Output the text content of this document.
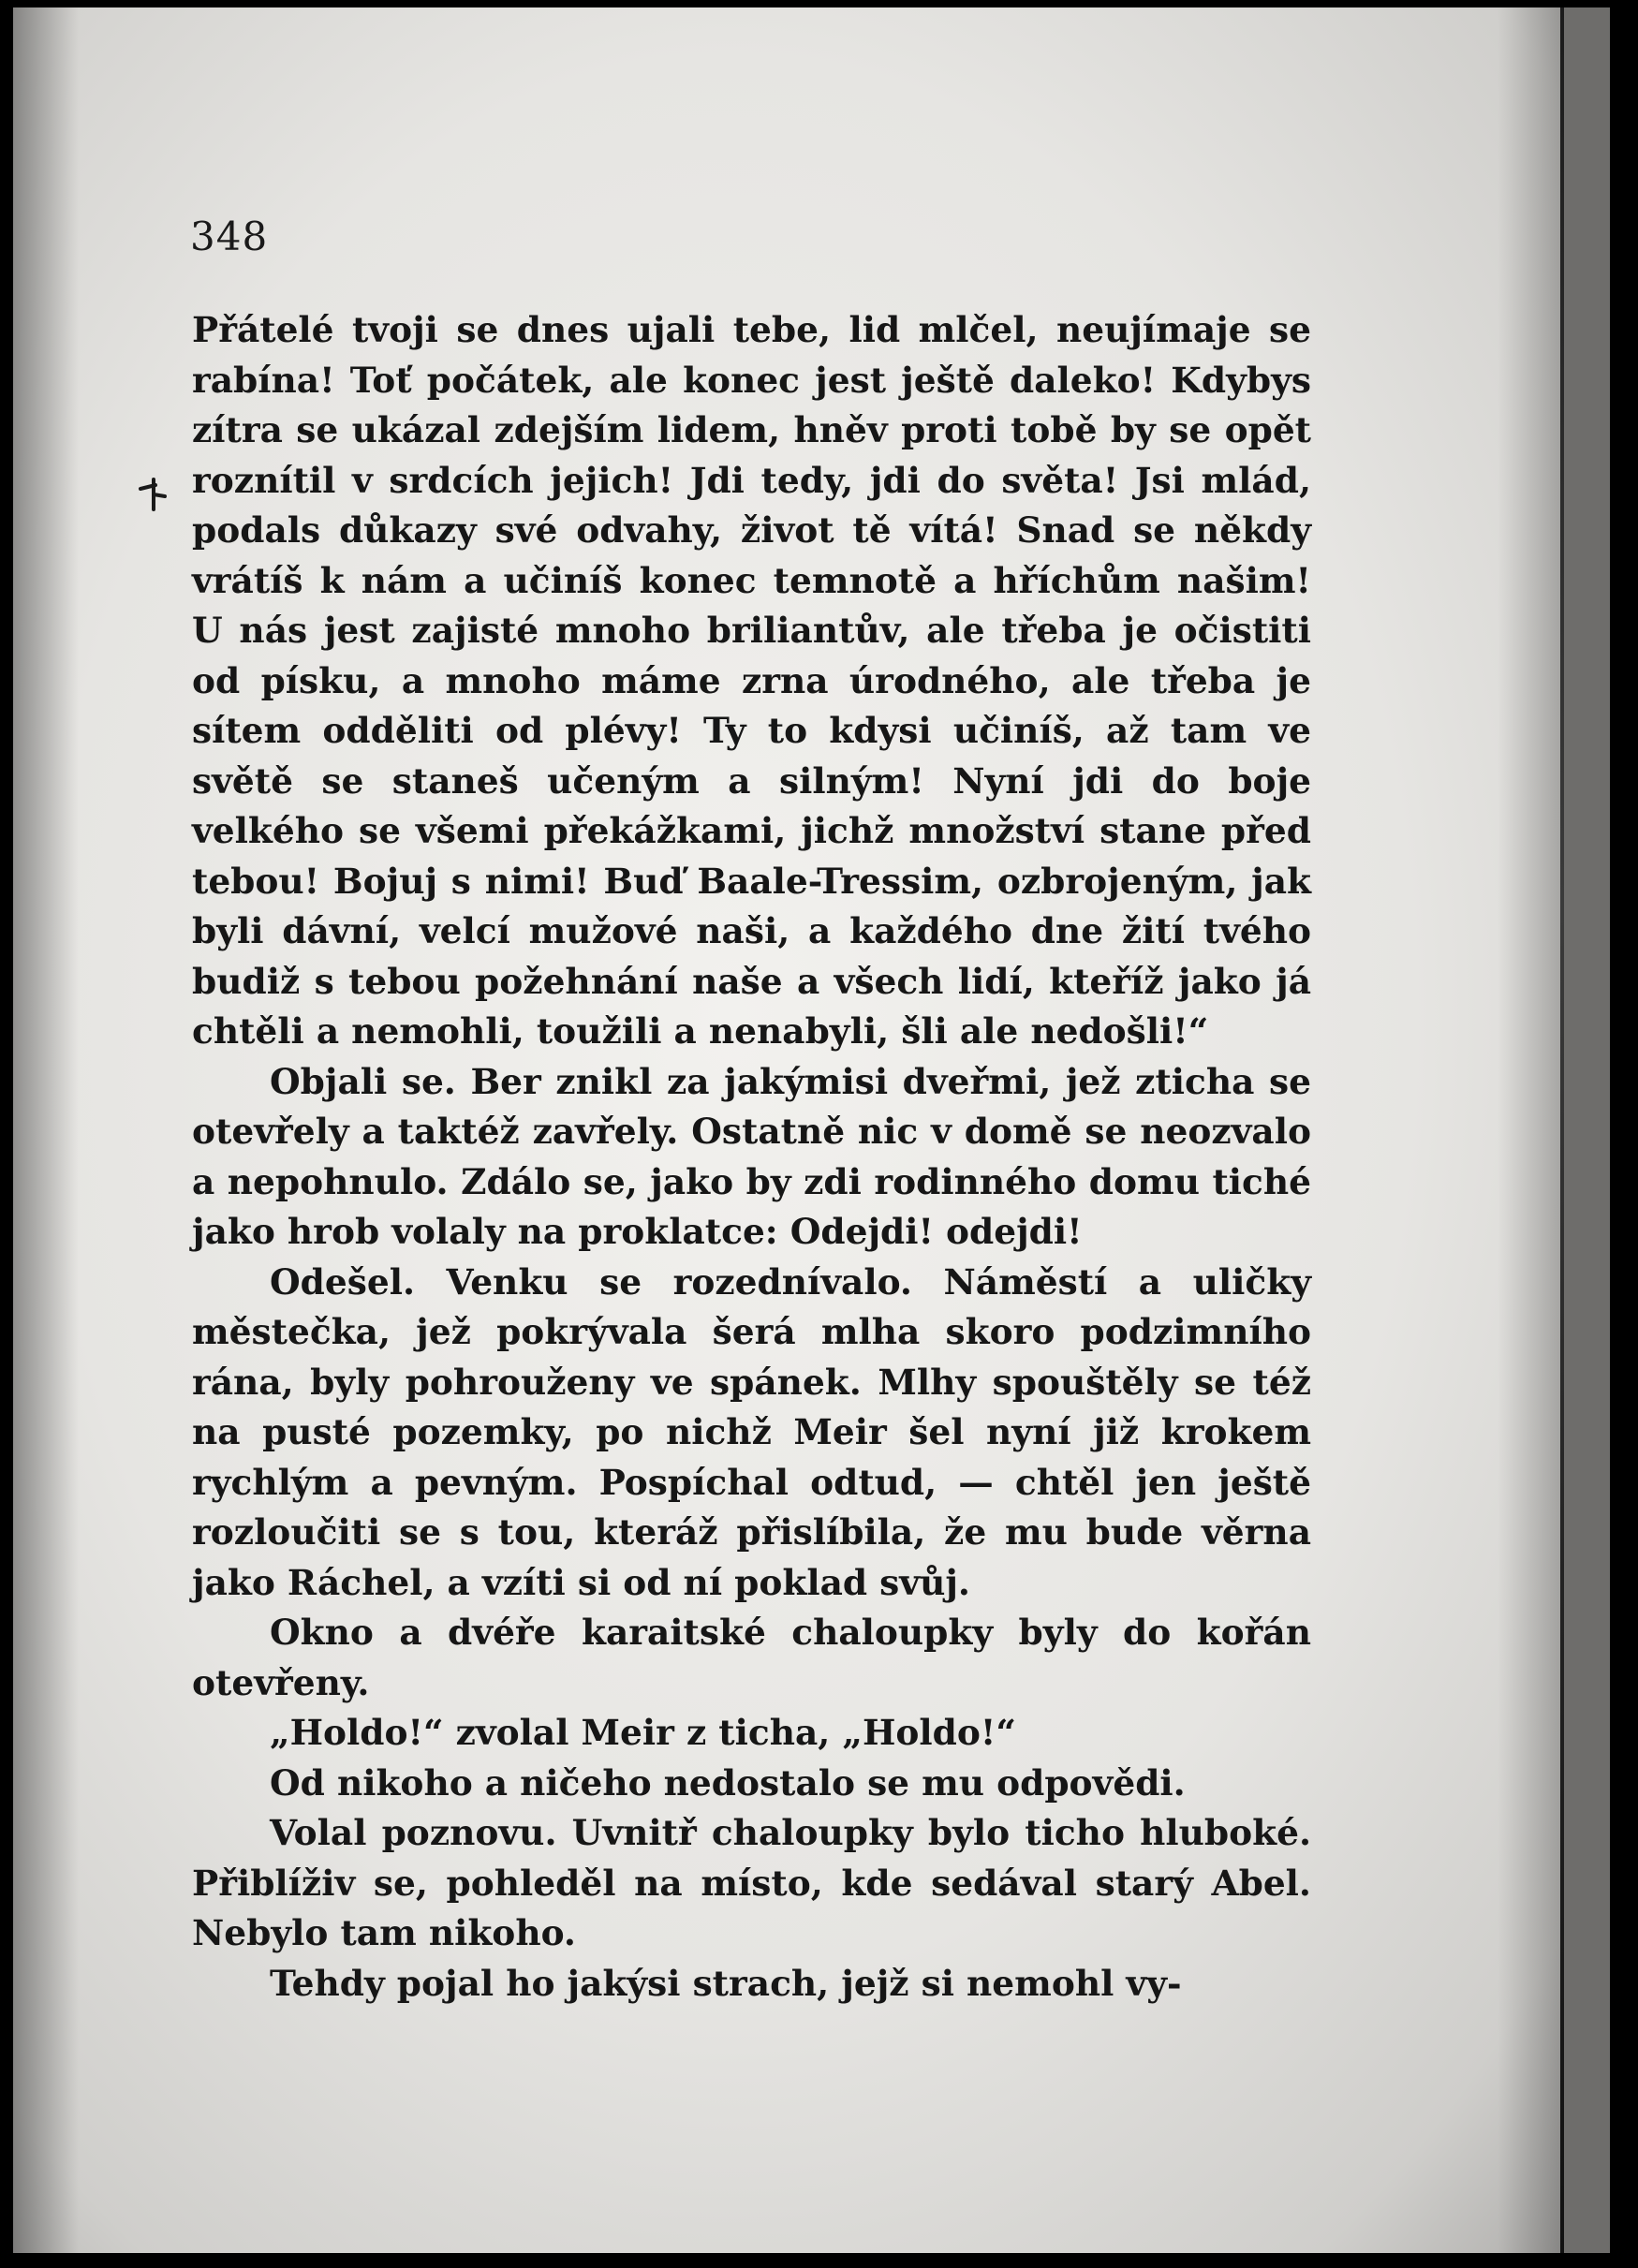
348

Přátelé tvoji se dnes ujali tebe, lid mlčel, neujímaje se rabína! Toť počátek, ale konec jest ještě daleko! Kdybys zítra se ukázal zdejším lidem, hněv proti tobě by se opět roznítil v srdcích jejich! Jdi tedy, jdi do světa! Jsi mlád, podals důkazy své odvahy, život tě vítá! Snad se někdy vrátíš k nám a učiníš konec temnotě a hříchům našim! U nás jest zajisté mnoho briliantův, ale třeba je očistiti od písku, a mnoho máme zrna úrodného, ale třeba je sítem odděliti od plévy! Ty to kdysi učiníš, až tam ve světě se staneš učeným a silným! Nyní jdi do boje velkého se všemi překážkami, jichž množství stane před tebou! Bojuj s nimi! Buď Baale-Tressim, ozbrojeným, jak byli dávní, velcí mužové naši, a každého dne žití tvého budiž s tebou požehnání naše a všech lidí, kteříž jako já chtěli a nemohli, toužili a nenabyli, šli ale nedošli!“

Objali se. Ber znikl za jakýmisi dveřmi, jež zticha se otevřely a taktéž zavřely. Ostatně nic v domě se neozvalo a nepohnulo. Zdálo se, jako by zdi rodinného domu tiché jako hrob volaly na proklatce: Odejdi! odejdi!

Odešel. Venku se rozednívalo. Náměstí a uličky městečka, jež pokrývala šerá mlha skoro podzimního rána, byly pohrouženy ve spánek. Mlhy spouštěly se též na pusté pozemky, po nichž Meir šel nyní již krokem rychlým a pevným. Pospíchal odtud, — chtěl jen ještě rozloučiti se s tou, kteráž přislíbila, že mu bude věrna jako Ráchel, a vzíti si od ní poklad svůj.

Okno a dvéře karaitské chaloupky byly do kořán otevřeny.

„Holdo!“ zvolal Meir z ticha, „Holdo!“

Od nikoho a ničeho nedostalo se mu odpovědi.

Volal poznovu. Uvnitř chaloupky bylo ticho hluboké. Přiblíživ se, pohleděl na místo, kde sedával starý Abel. Nebylo tam nikoho.

Tehdy pojal ho jakýsi strach, jejž si nemohl vy-
